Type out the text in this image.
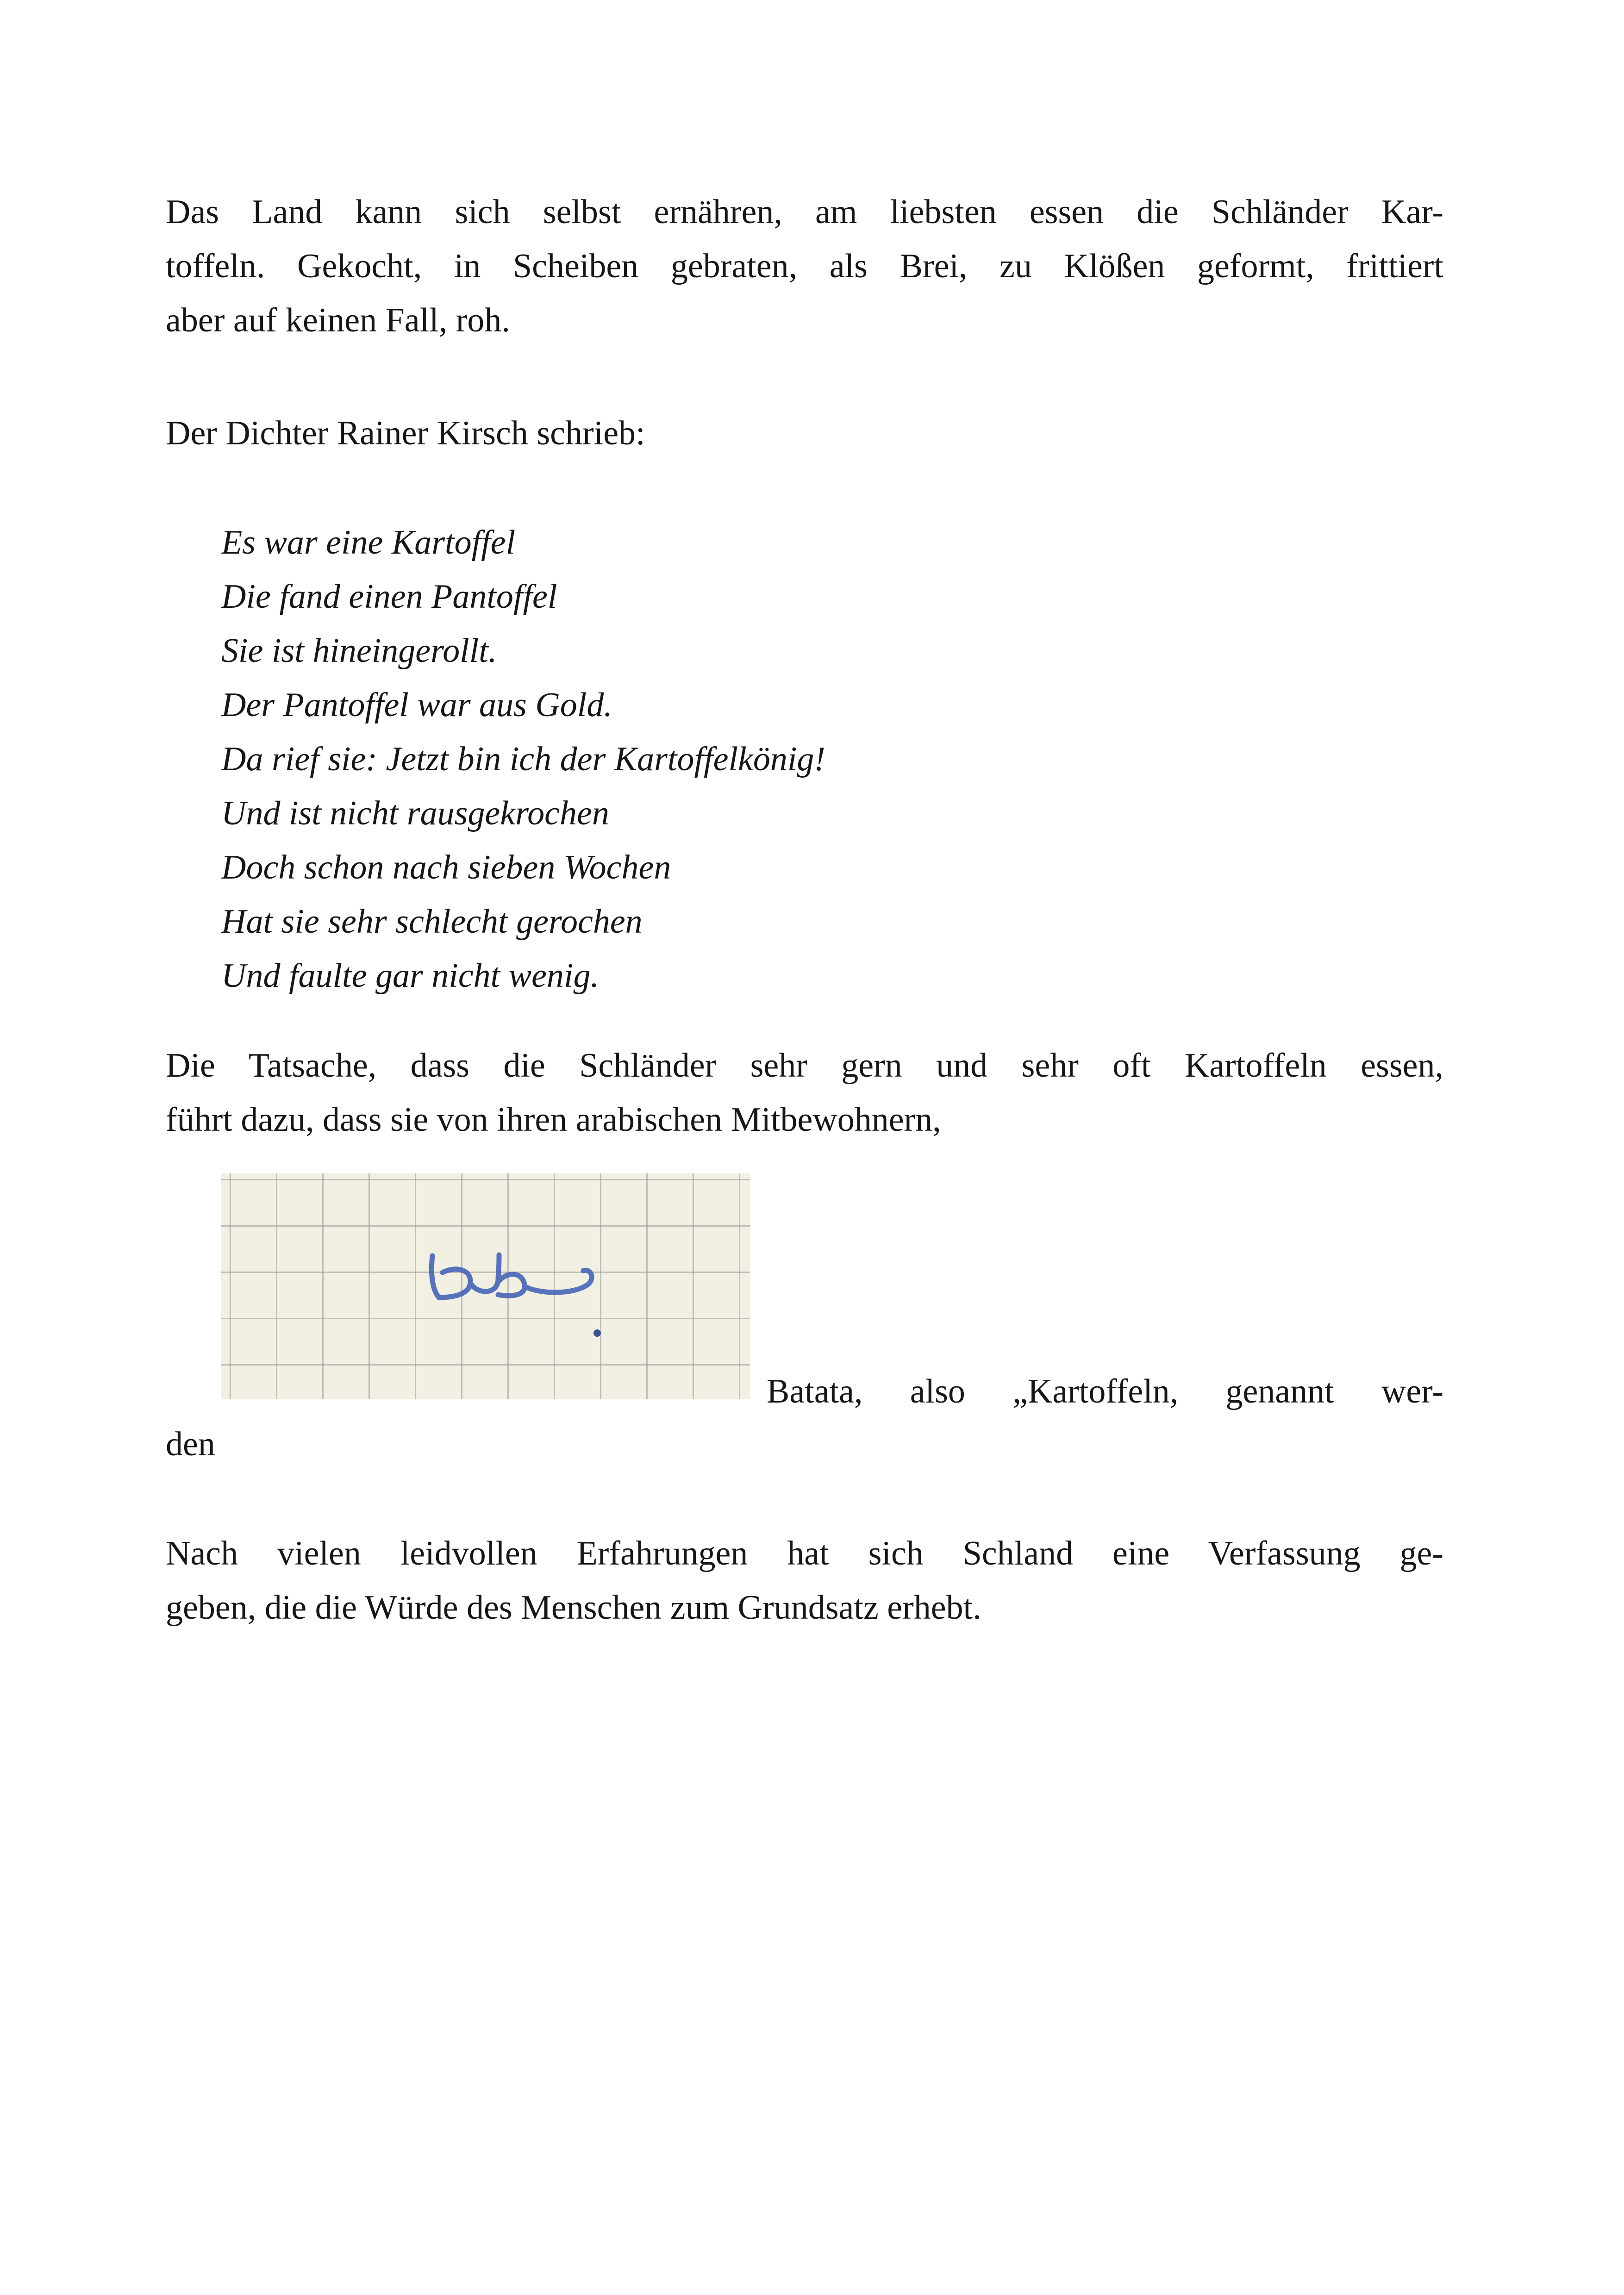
Das Land kann sich selbst ernähren, am liebsten essen die Schländer Kar-
toffeln. Gekocht, in Scheiben gebraten, als Brei, zu Klößen geformt, frittiert
aber auf keinen Fall, roh.

Der Dichter Rainer Kirsch schrieb:

Es war eine Kartoffel
Die fand einen Pantoffel
Sie ist hineingerollt.
Der Pantoffel war aus Gold.
Da rief sie: Jetzt bin ich der Kartoffelkönig!
Und ist nicht rausgekrochen
Doch schon nach sieben Wochen
Hat sie sehr schlecht gerochen
Und faulte gar nicht wenig.

Die Tatsache, dass die Schländer sehr gern und sehr oft Kartoffeln essen,
führt dazu, dass sie von ihren arabischen Mitbewohnern,

Batata, also „Kartoffeln, genannt wer-

den

Nach vielen leidvollen Erfahrungen hat sich Schland eine Verfassung ge-
geben, die die Würde des Menschen zum Grundsatz erhebt.
